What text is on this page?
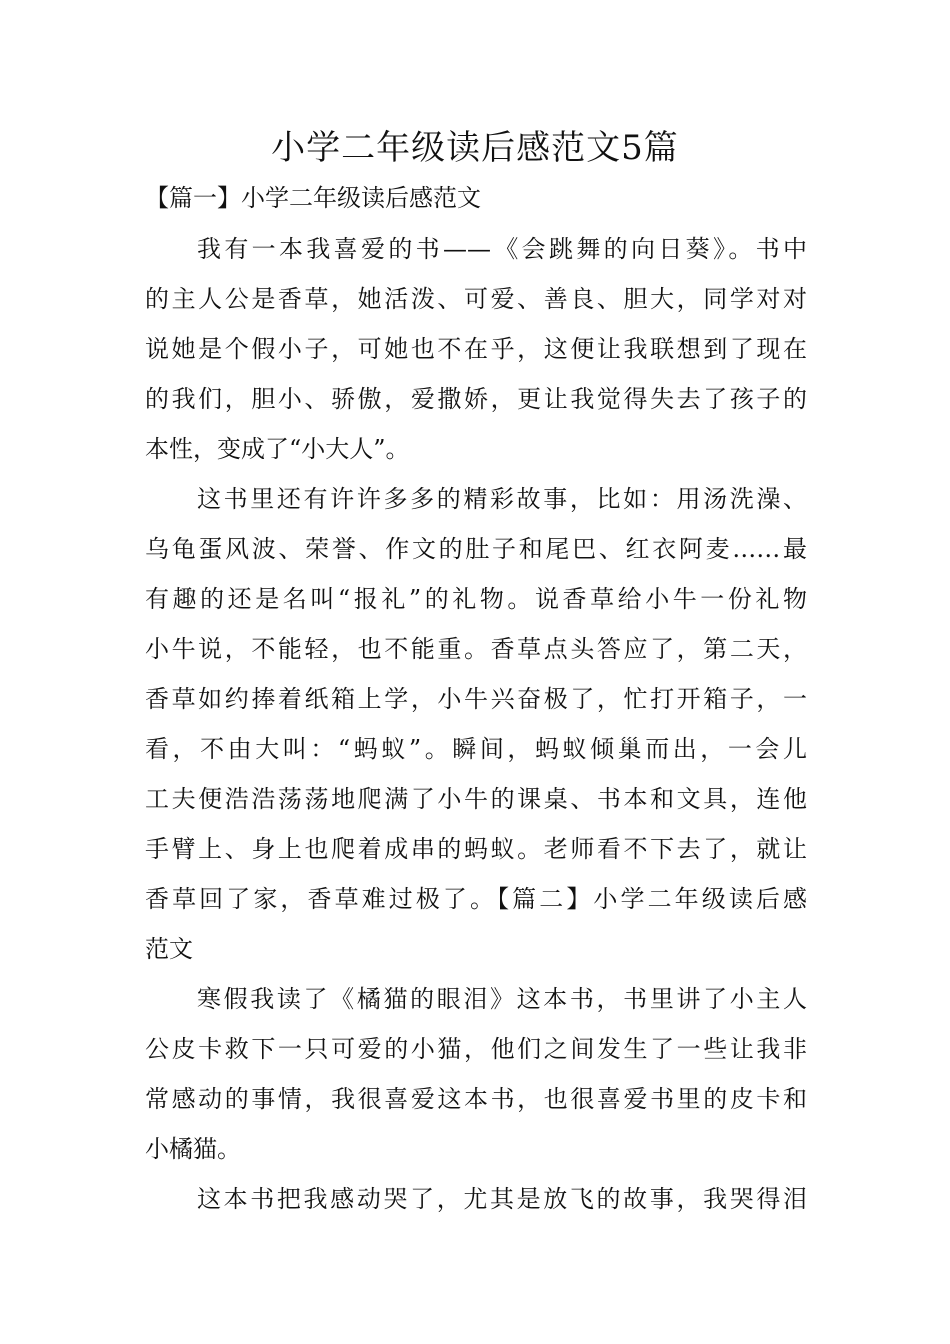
小学二年级读后感范文5篇

【篇一】小学二年级读后感范文

我有一本我喜爱的书——《会跳舞的向日葵》。书中
的主人公是香草，她活泼、可爱、善良、胆大，同学对对
说她是个假小子，可她也不在乎，这便让我联想到了现在
的我们，胆小、骄傲，爱撒娇，更让我觉得失去了孩子的
本性，变成了“小大人”。
这书里还有许许多多的精彩故事，比如：用汤洗澡、
乌龟蛋风波、荣誉、作文的肚子和尾巴、红衣阿麦……最
有趣的还是名叫“报礼”的礼物。说香草给小牛一份礼物
小牛说，不能轻，也不能重。香草点头答应了，第二天，
香草如约捧着纸箱上学，小牛兴奋极了，忙打开箱子，一
看，不由大叫：“蚂蚁”。瞬间，蚂蚁倾巢而出，一会儿
工夫便浩浩荡荡地爬满了小牛的课桌、书本和文具，连他
手臂上、身上也爬着成串的蚂蚁。老师看不下去了，就让
香草回了家，香草难过极了。【篇二】小学二年级读后感
范文
寒假我读了《橘猫的眼泪》这本书，书里讲了小主人
公皮卡救下一只可爱的小猫，他们之间发生了一些让我非
常感动的事情，我很喜爱这本书，也很喜爱书里的皮卡和
小橘猫。
这本书把我感动哭了，尤其是放飞的故事，我哭得泪
